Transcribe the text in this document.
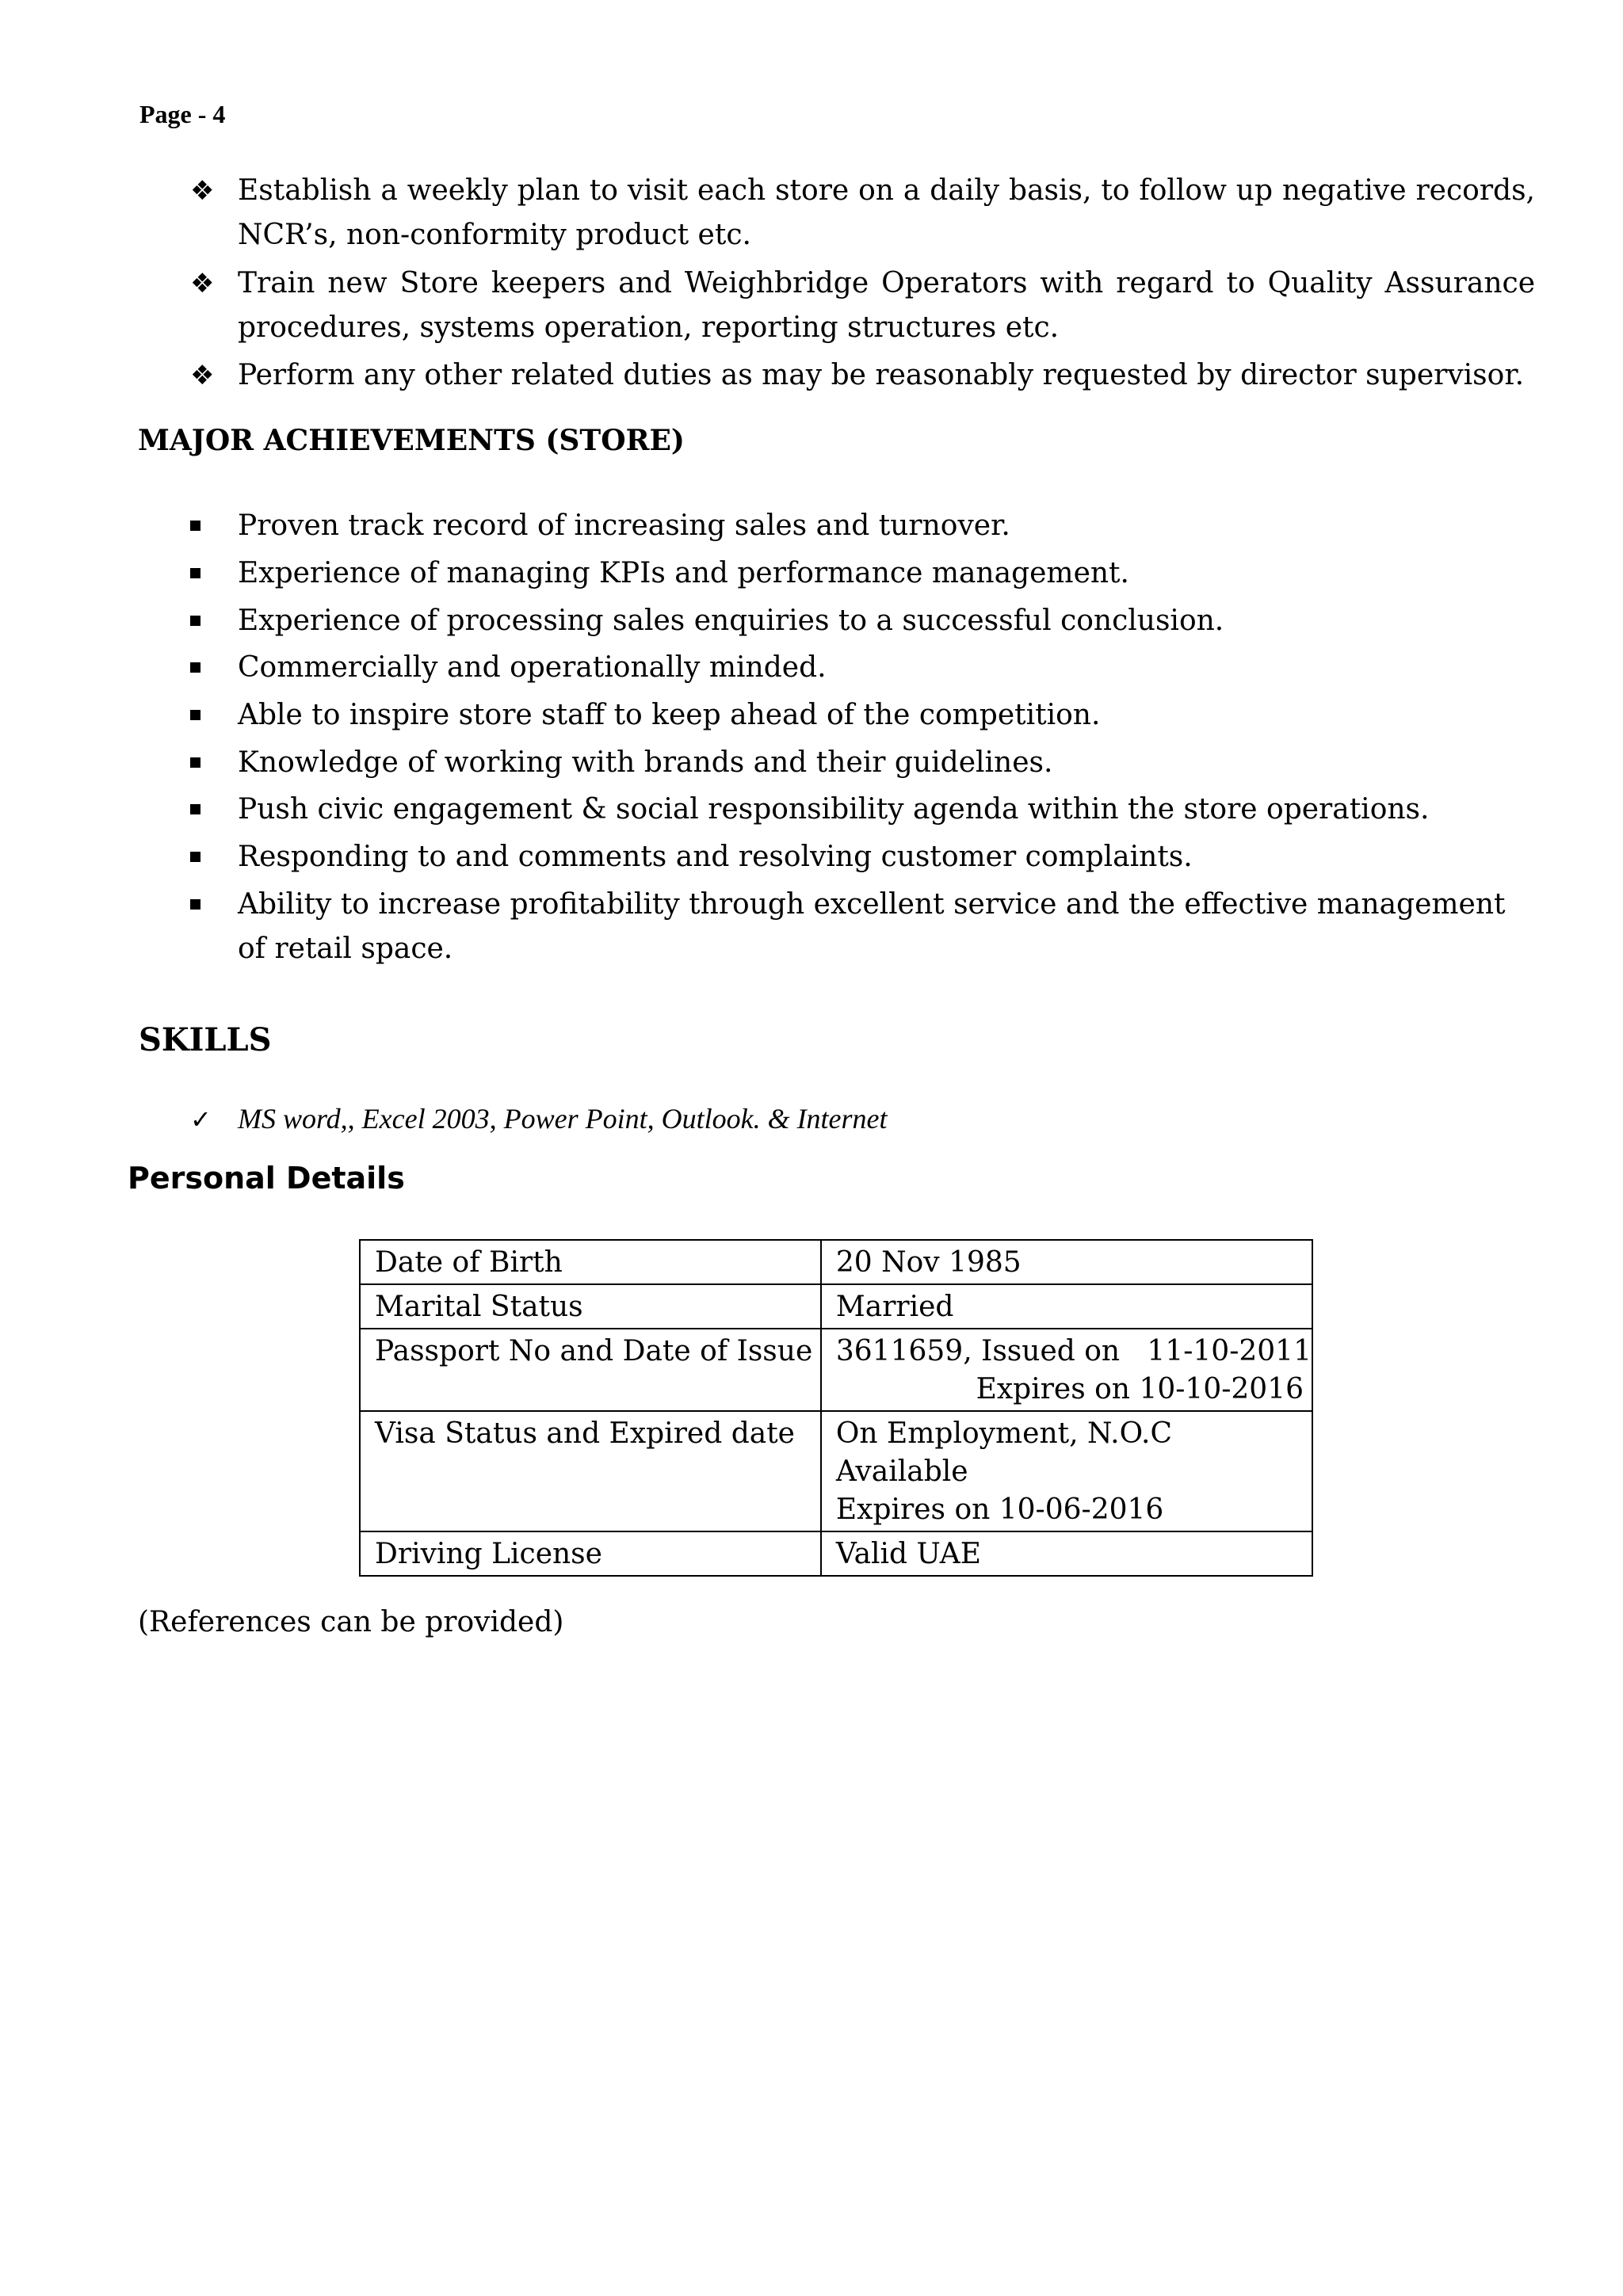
Page - 4
❖ Establish a weekly plan to visit each store on a daily basis, to follow up negative records, NCR’s, non-conformity product etc.
❖ Train new Store keepers and Weighbridge Operators with regard to Quality Assurance procedures, systems operation, reporting structures etc.
❖ Perform any other related duties as may be reasonably requested by director supervisor.
MAJOR ACHIEVEMENTS (STORE)
Proven track record of increasing sales and turnover.
Experience of managing KPIs and performance management.
Experience of processing sales enquiries to a successful conclusion.
Commercially and operationally minded.
Able to inspire store staff to keep ahead of the competition.
Knowledge of working with brands and their guidelines.
Push civic engagement & social responsibility agenda within the store operations.
Responding to and comments and resolving customer complaints.
Ability to increase profitability through excellent service and the effective management of retail space.
SKILLS
✓ MS word,, Excel 2003, Power Point, Outlook. & Internet
Personal Details
Date of Birth	20 Nov 1985
Marital Status	Married
Passport No and Date of Issue	3611659, Issued on   11-10-2011
Expires on 10-10-2016

Visa Status and Expired date	On Employment, N.O.C Available
Expires on 10-06-2016

Driving License	Valid UAE
(References can be provided)
